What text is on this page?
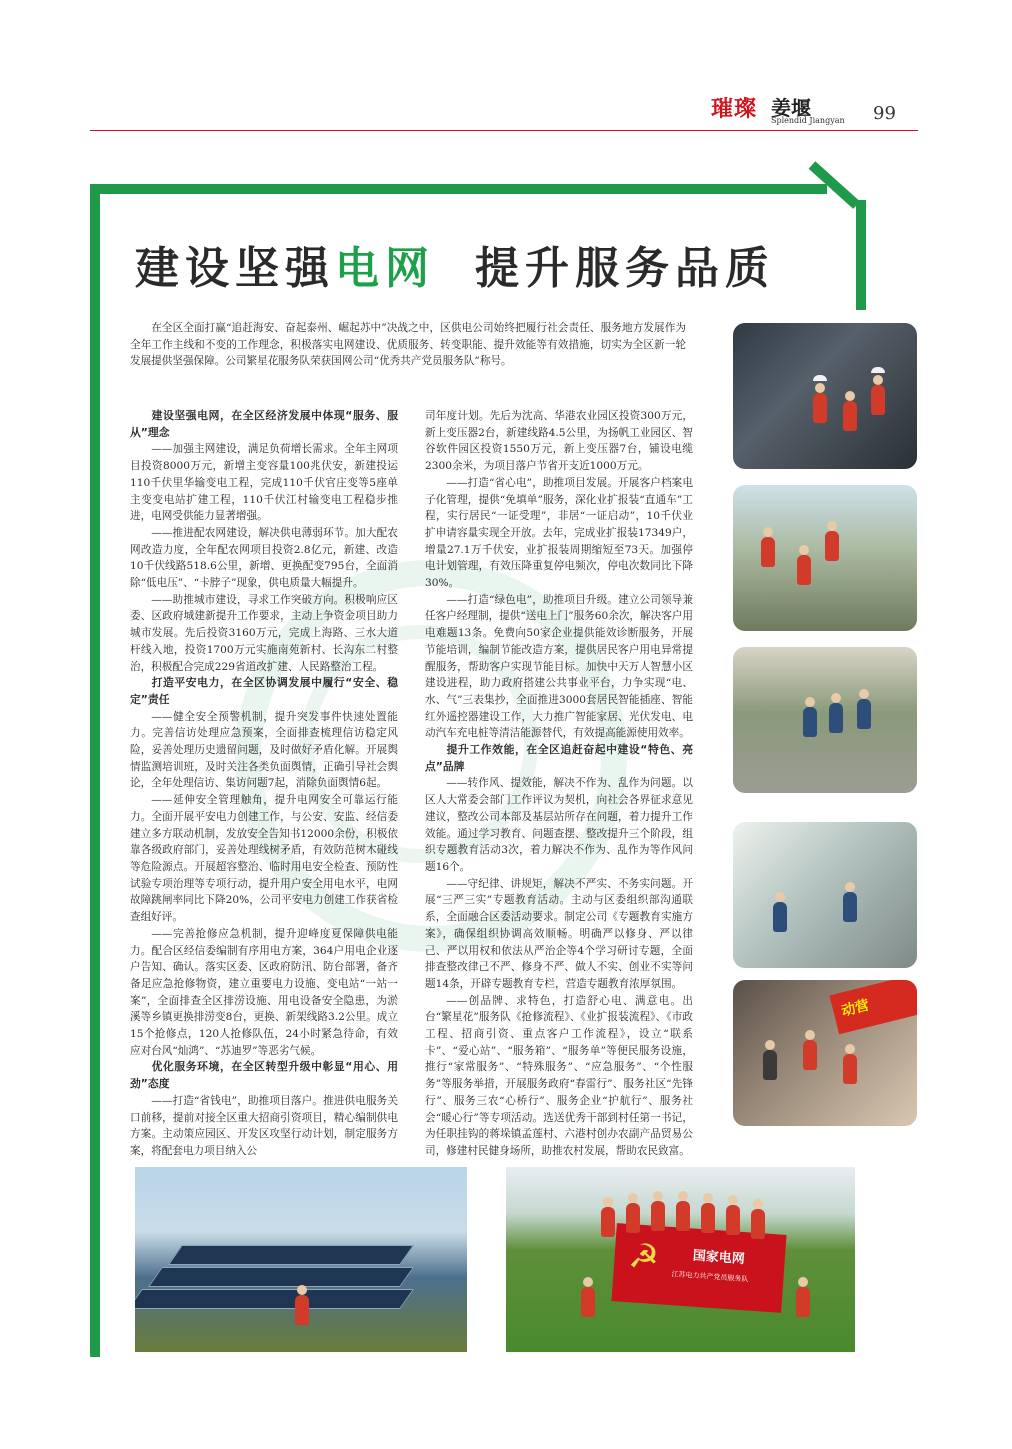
璀璨 姜堰
Splendid Jiangyan 99
建设坚强电网 提升服务品质
在全区全面打赢“追赶海安、奋起泰州、崛起苏中”决战之中，区供电公司始终把履行社会责任、服务地方发展作为全年工作主线和不变的工作理念，积极落实电网建设、优质服务、转变职能、提升效能等有效措施，切实为全区新一轮发展提供坚强保障。公司繁星花服务队荣获国网公司“优秀共产党员服务队”称号。
建设坚强电网，在全区经济发展中体现“服务、服从”理念

——加强主网建设，满足负荷增长需求。全年主网项目投资8000万元，新增主变容量100兆伏安，新建投运110千伏里华输变电工程，完成110千伏官庄变等5座单主变变电站扩建工程，110千伏江村输变电工程稳步推进，电网受供能力显著增强。

——推进配农网建设，解决供电薄弱环节。加大配农网改造力度，全年配农网项目投资2.8亿元，新建、改造10千伏线路518.6公里，新增、更换配变795台，全面消除“低电压”、“卡脖子”现象，供电质量大幅提升。

——助推城市建设，寻求工作突破方向。积极响应区委、区政府城建新提升工作要求，主动上争资金项目助力城市发展。先后投资3160万元，完成上海路、三水大道杆线入地，投资1700万元实施南苑新村、长沟东二村整治，积极配合完成229省道改扩建、人民路整治工程。

打造平安电力，在全区协调发展中履行“安全、稳定”责任

——健全安全预警机制，提升突发事件快速处置能力。完善信访处理应急预案，全面排查梳理信访稳定风险，妥善处理历史遗留问题，及时做好矛盾化解。开展舆情监测培训班，及时关注各类负面舆情，正确引导社会舆论，全年处理信访、集访问题7起，消除负面舆情6起。

——延伸安全管理触角，提升电网安全可靠运行能力。全面开展平安电力创建工作，与公安、安监、经信委建立多方联动机制，发放安全告知书12000余份，积极依靠各级政府部门，妥善处理线树矛盾，有效防范树木碰线等危险源点。开展超容整治、临时用电安全检查、预防性试验专项治理等专项行动，提升用户安全用电水平，电网故障跳闸率同比下降20%，公司平安电力创建工作获省检查组好评。

——完善抢修应急机制，提升迎峰度夏保障供电能力。配合区经信委编制有序用电方案，364户用电企业逐户告知、确认。落实区委、区政府防汛、防台部署，备齐备足应急抢修物资，建立重要电力设施、变电站“一站一案”，全面排查全区排涝设施、用电设备安全隐患，为淤溪等乡镇更换排涝变8台，更换、新架线路3.2公里。成立15个抢修点，120人抢修队伍，24小时紧急待命，有效应对台风“灿鸿”、“苏迪罗”等恶劣气候。

优化服务环境，在全区转型升级中彰显“用心、用劲”态度

——打造“省钱电”，助推项目落户。推进供电服务关口前移，提前对接全区重大招商引资项目，精心编制供电方案。主动策应园区、开发区攻坚行动计划，制定服务方案，将配套电力项目纳入公

司年度计划。先后为沈高、华港农业园区投资300万元，新上变压器2台，新建线路4.5公里，为扬帆工业园区、智谷软件园区投资1550万元，新上变压器7台，铺设电缆2300余米，为项目落户节省开支近1000万元。

——打造“省心电”，助推项目发展。开展客户档案电子化管理，提供“免填单”服务，深化业扩报装“直通车”工程，实行居民“一证受理”，非居“一证启动”，10千伏业扩申请容量实现全开放。去年，完成业扩报装17349户，增量27.1万千伏安，业扩报装周期缩短至73天。加强停电计划管理，有效压降重复停电频次，停电次数同比下降30%。

——打造“绿色电”，助推项目升级。建立公司领导兼任客户经理制，提供“送电上门”服务60余次，解决客户用电难题13条。免费向50家企业提供能效诊断服务，开展节能培训，编制节能改造方案，提供居民客户用电异常提醒服务，帮助客户实现节能目标。加快中天万人智慧小区建设进程，助力政府搭建公共事业平台，力争实现“电、水、气”三表集抄，全面推进3000套居民智能插座、智能红外遥控器建设工作，大力推广智能家居、光伏发电、电动汽车充电桩等清洁能源替代，有效提高能源使用效率。

提升工作效能，在全区追赶奋起中建设“特色、亮点”品牌

——转作风、提效能，解决不作为、乱作为问题。以区人大常委会部门工作评议为契机，向社会各界征求意见建议，整改公司本部及基层站所存在问题，着力提升工作效能。通过学习教育、问题查摆、整改提升三个阶段，组织专题教育活动3次，着力解决不作为、乱作为等作风问题16个。

——守纪律、讲规矩，解决不严实、不务实问题。开展“三严三实”专题教育活动。主动与区委组织部沟通联系，全面融合区委活动要求。制定公司《专题教育实施方案》，确保组织协调高效顺畅。明确严以修身、严以律己、严以用权和依法从严治企等4个学习研讨专题，全面排查整改律己不严、修身不严、做人不实、创业不实等问题14条，开辟专题教育专栏，营造专题教育浓厚氛围。

——创品牌、求特色，打造舒心电、满意电。出台“繁星花”服务队《抢修流程》、《业扩报装流程》、《市政工程、招商引资、重点客户工作流程》，设立“联系卡”、“爱心站”、“服务箱”、“服务单”等便民服务设施，推行“家常服务”、“特殊服务”、“应急服务”、“个性服务”等服务举措，开展服务政府“春雷行”、服务社区“先锋行”、服务三农“心桥行”、服务企业“护航行”、服务社会“暖心行”等专项活动。选送优秀干部到村任第一书记，为任职挂钩的蒋垛镇孟莲村、六港村创办农副产品贸易公司，修建村民健身场所，助推农村发展，帮助农民致富。

动营
☭ 国家电网
江苏电力共产党员服务队
